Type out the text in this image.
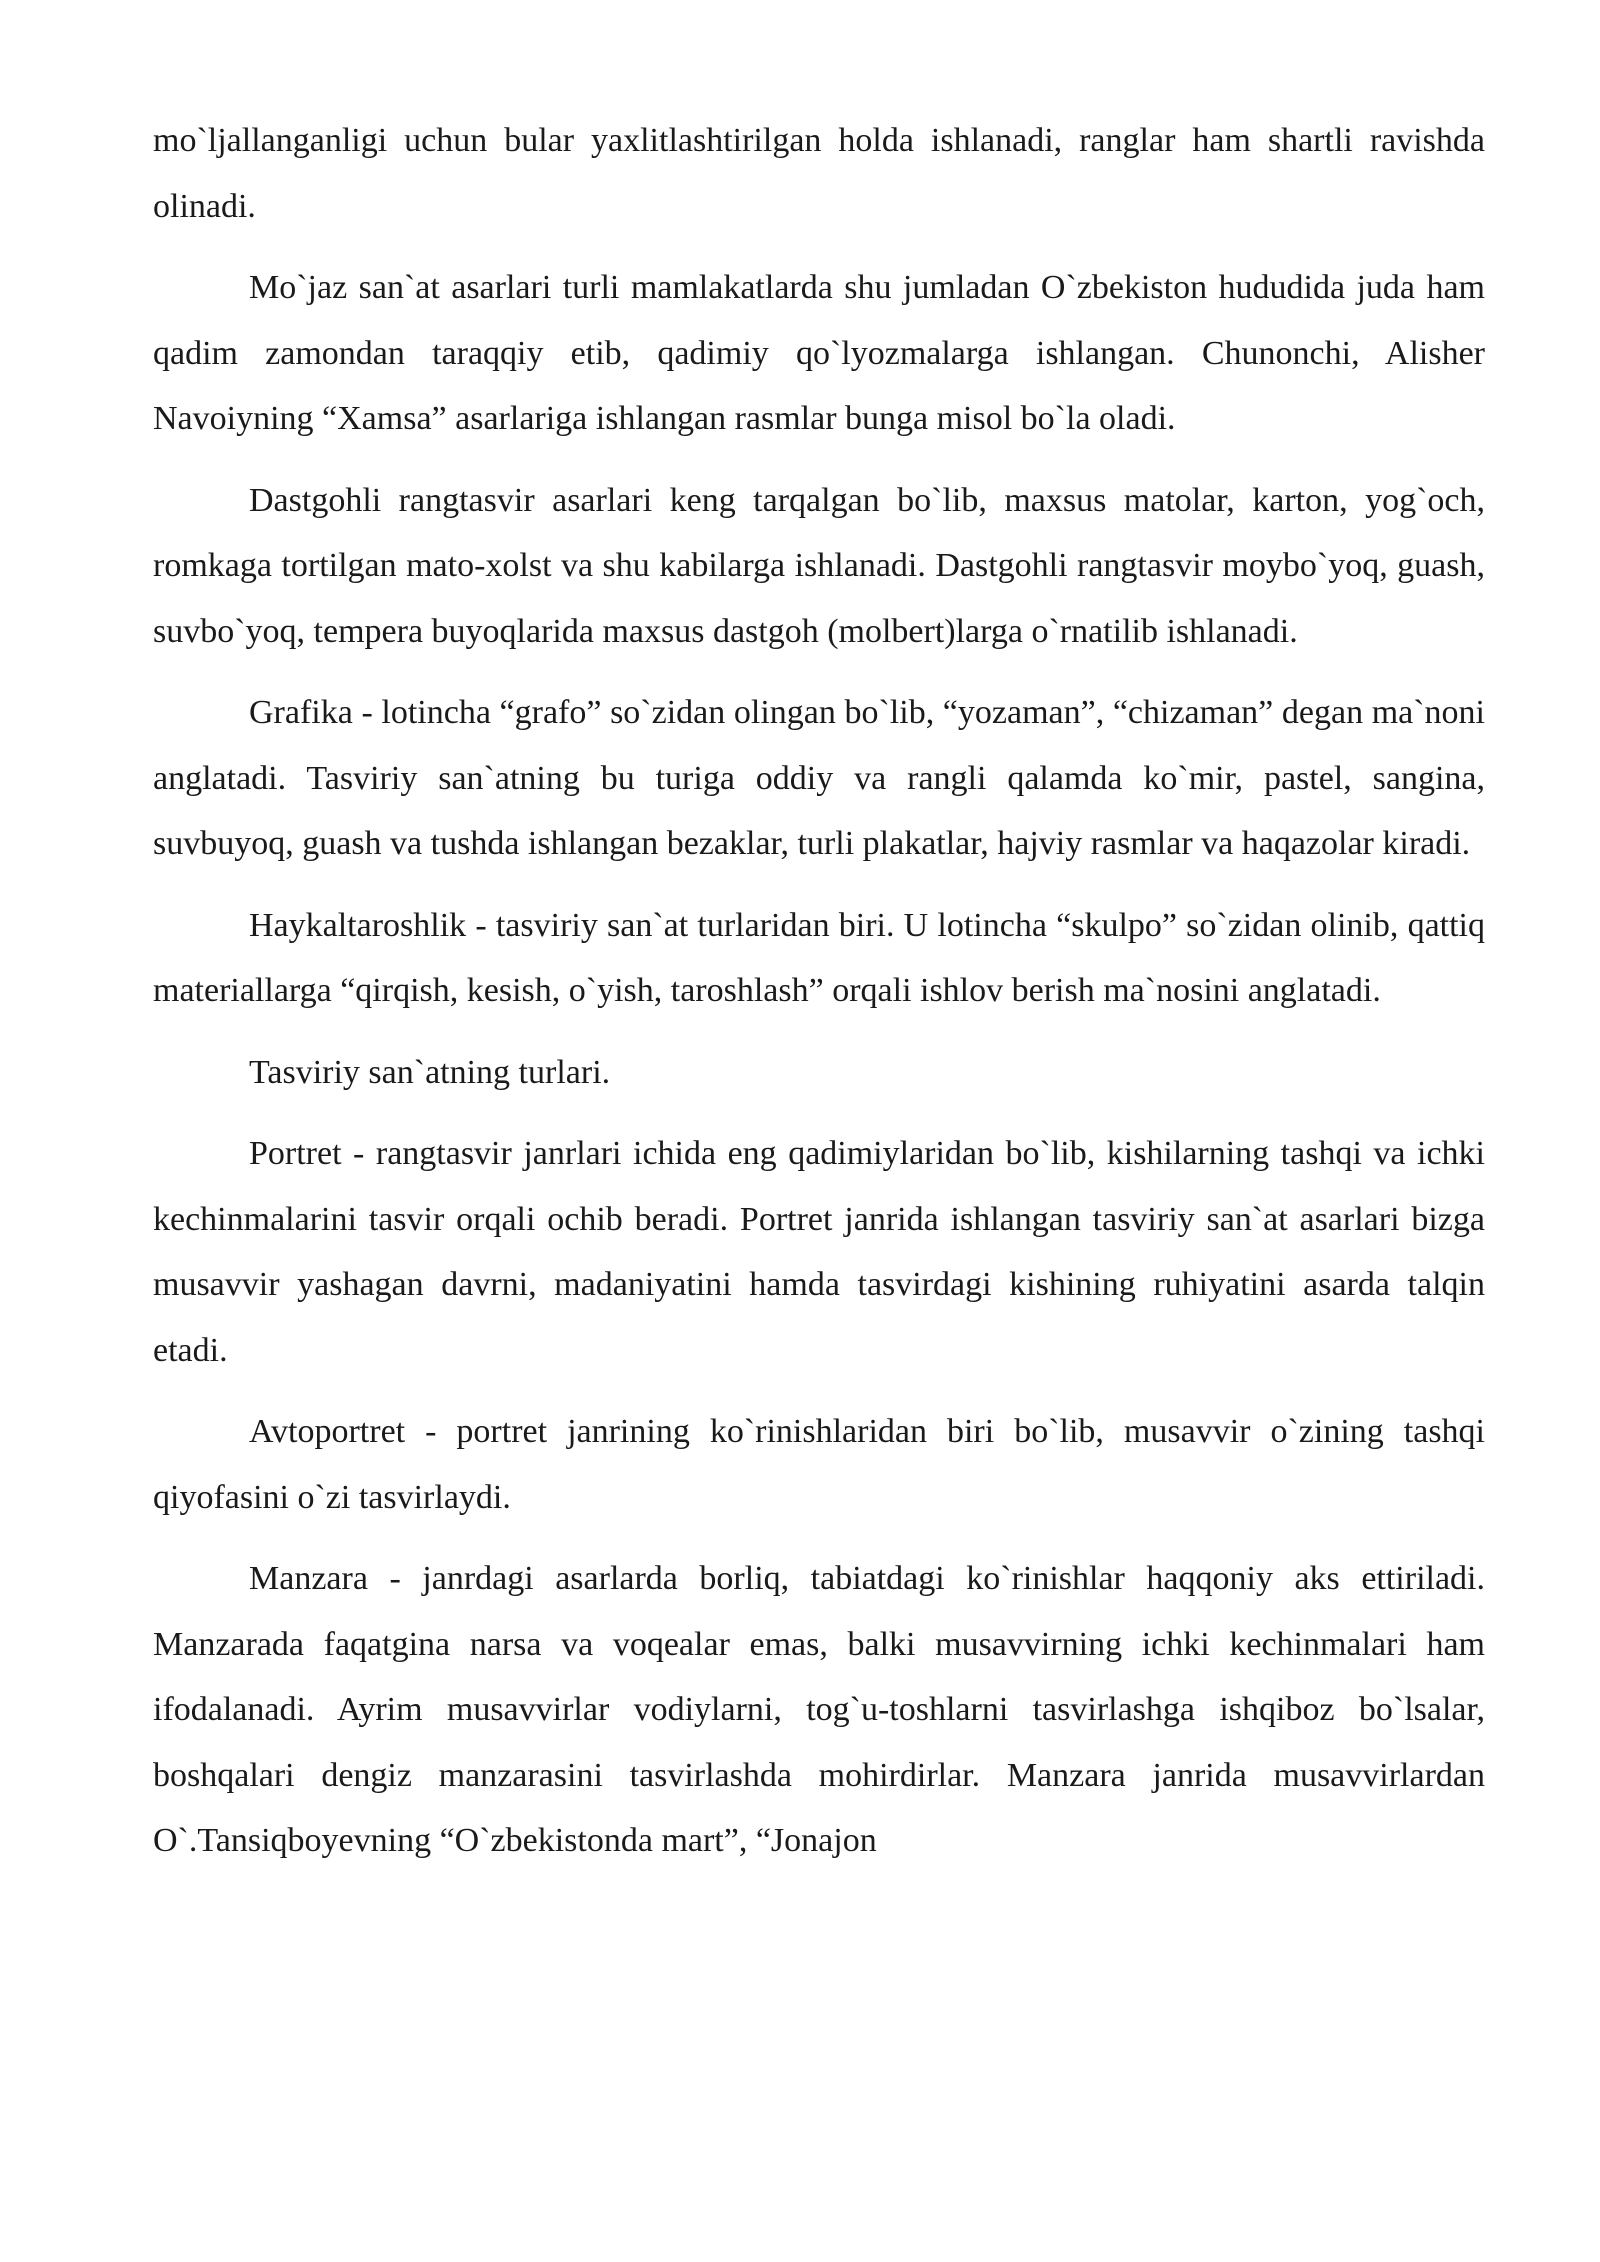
mo`ljallanganligi uchun bular yaxlitlashtirilgan holda ishlanadi, ranglar ham shartli ravishda olinadi.

Mo`jaz san`at asarlari turli mamlakatlarda shu jumladan O`zbekiston hududida juda ham qadim zamondan taraqqiy etib, qadimiy qo`lyozmalarga ishlangan. Chunonchi, Alisher Navoiyning “Xamsa” asarlariga ishlangan rasmlar bunga misol bo`la oladi.

Dastgohli rangtasvir asarlari keng tarqalgan bo`lib, maxsus matolar, karton, yog`och, romkaga tortilgan mato-xolst va shu kabilarga ishlanadi. Dastgohli rangtasvir moybo`yoq, guash, suvbo`yoq, tempera buyoqlarida maxsus dastgoh (molbert)larga o`rnatilib ishlanadi.

Grafika - lotincha “grafo” so`zidan olingan bo`lib, “yozaman”, “chizaman” degan ma`noni anglatadi. Tasviriy san`atning bu turiga oddiy va rangli qalamda ko`mir, pastel, sangina, suvbuyoq, guash va tushda ishlangan bezaklar, turli plakatlar, hajviy rasmlar va haqazolar kiradi.

Haykaltaroshlik - tasviriy san`at turlaridan biri. U lotincha “skulpo” so`zidan olinib, qattiq materiallarga “qirqish, kesish, o`yish, taroshlash” orqali ishlov berish ma`nosini anglatadi.

Tasviriy san`atning turlari.

Portret - rangtasvir janrlari ichida eng qadimiylaridan bo`lib, kishilarning tashqi va ichki kechinmalarini tasvir orqali ochib beradi. Portret janrida ishlangan tasviriy san`at asarlari bizga musavvir yashagan davrni, madaniyatini hamda tasvirdagi kishining ruhiyatini asarda talqin etadi.

Avtoportret - portret janrining ko`rinishlaridan biri bo`lib, musavvir o`zining tashqi qiyofasini o`zi tasvirlaydi.

Manzara - janrdagi asarlarda borliq, tabiatdagi ko`rinishlar haqqoniy aks ettiriladi. Manzarada faqatgina narsa va voqealar emas, balki musavvirning ichki kechinmalari ham ifodalanadi. Ayrim musavvirlar vodiylarni, tog`u-toshlarni tasvirlashga ishqiboz bo`lsalar, boshqalari dengiz manzarasini tasvirlashda mohirdirlar. Manzara janrida musavvirlardan O`.Tansiqboyevning “O`zbekistonda mart”, “Jonajon
